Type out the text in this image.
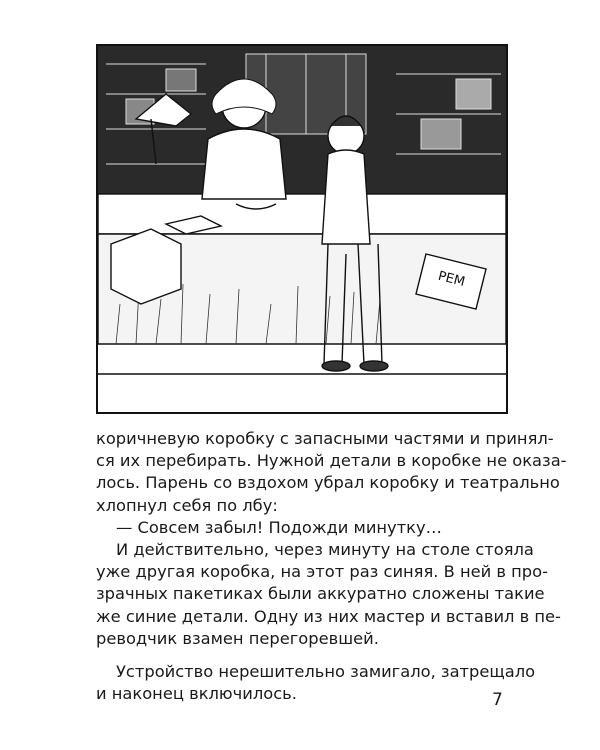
РЕМ
коричневую коробку с запасными частями и принял-
ся их перебирать. Нужной детали в коробке не оказа-
лось. Парень со вздохом убрал коробку и театрально
хлопнул себя по лбу:
— Совсем забыл! Подожди минутку…
И действительно, через минуту на столе стояла
уже другая коробка, на этот раз синяя. В ней в про-
зрачных пакетиках были аккуратно сложены такие
же синие детали. Одну из них мастер и вставил в пе-
реводчик взамен перегоревшей.
Устройство нерешительно замигало, затрещало
и наконец включилось.	7
